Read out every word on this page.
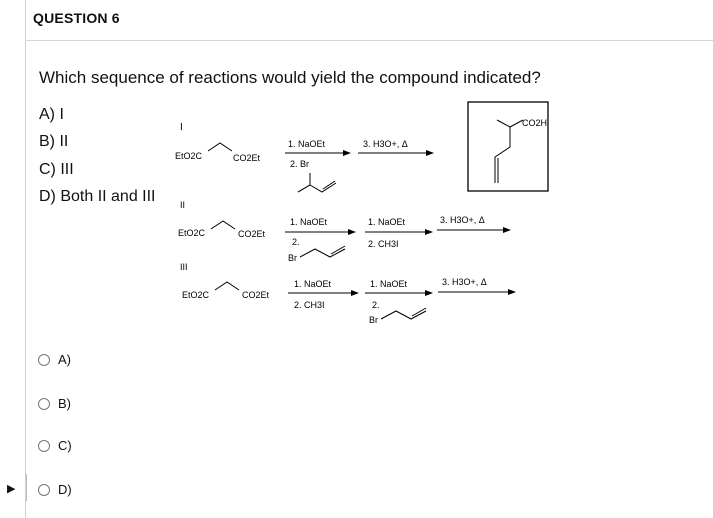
QUESTION 6
Which sequence of reactions would yield the compound indicated?
A) I
B) II
C) III
D) Both II and III
I
EtO2C	CO2Et
1. NaOEt
2. Br
3. H3O+, Δ
CO2H
II
EtO2C	CO2Et
1. NaOEt
2.
Br
1. NaOEt
2. CH3I
3. H3O+, Δ
III
EtO2C	CO2Et
1. NaOEt
2. CH3I
1. NaOEt
2.
Br
3. H3O+, Δ
A)
B)
C)
▶	D)
